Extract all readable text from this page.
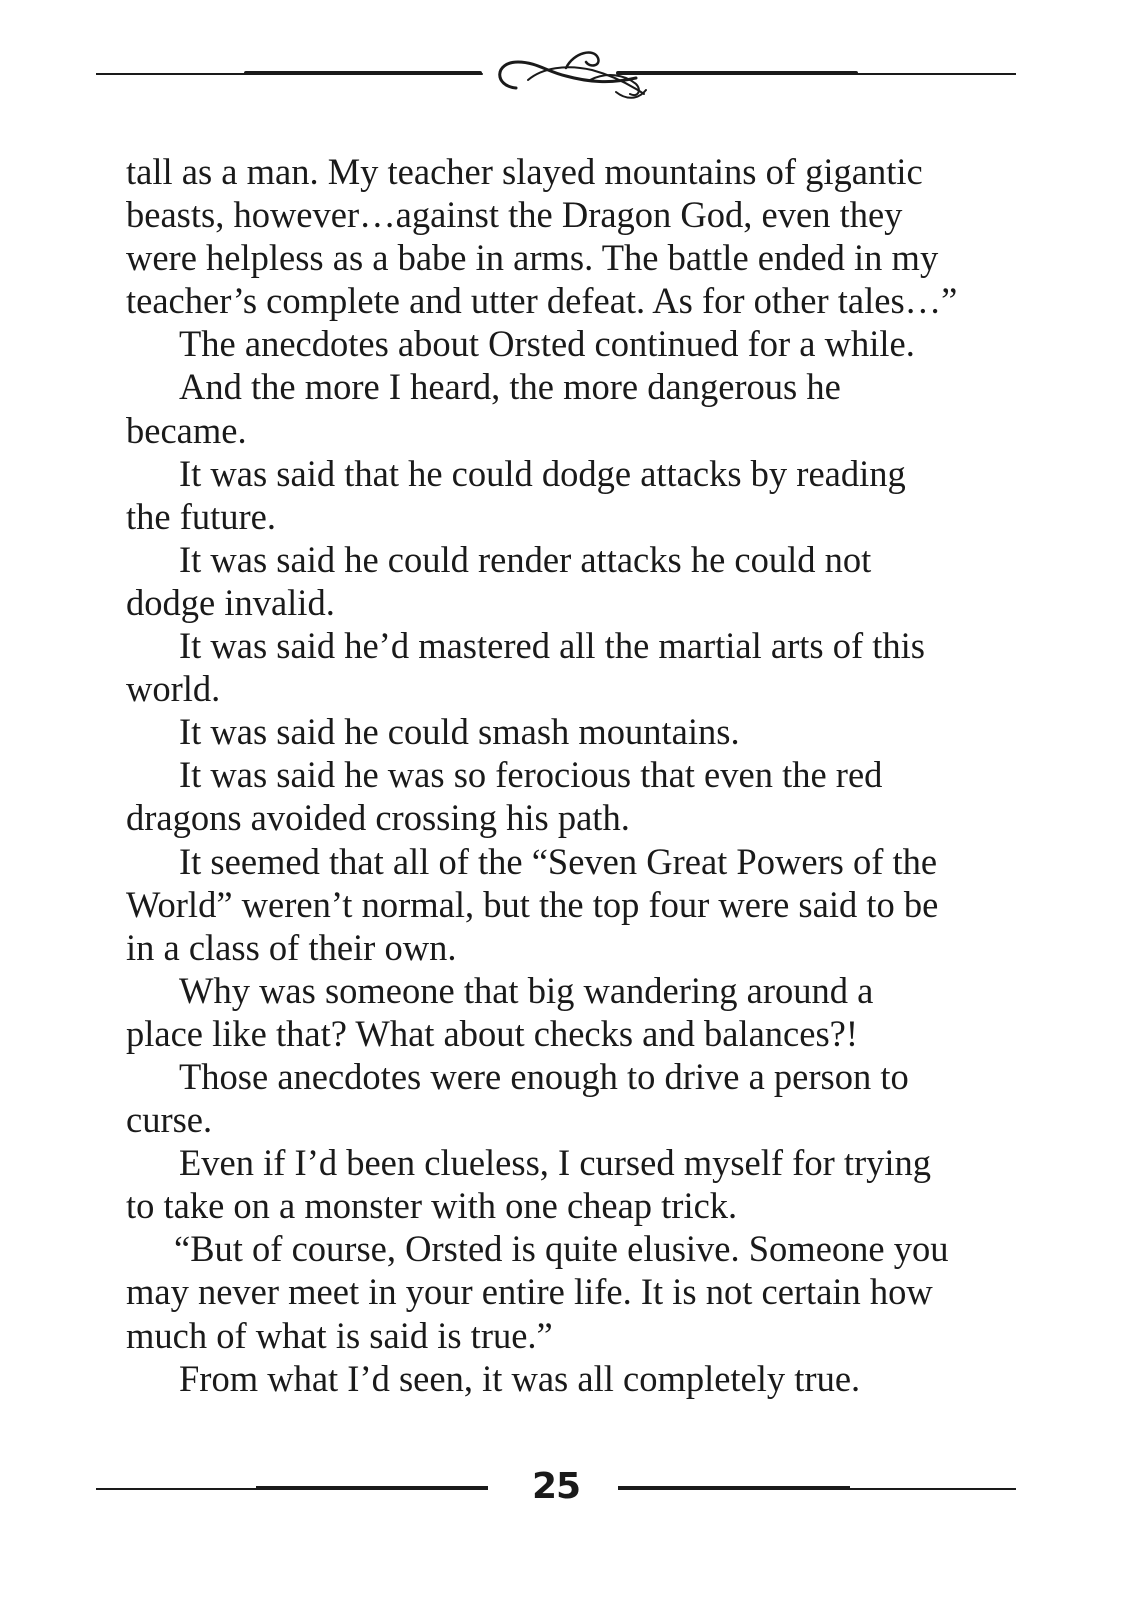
tall as a man. My teacher slayed mountains of gigantic

beasts, however…against the Dragon God, even they

were helpless as a babe in arms. The battle ended in my

teacher’s complete and utter defeat. As for other tales…”

The anecdotes about Orsted continued for a while.

And the more I heard, the more dangerous he

became.

It was said that he could dodge attacks by reading

the future.

It was said he could render attacks he could not

dodge invalid.

It was said he’d mastered all the martial arts of this

world.

It was said he could smash mountains.

It was said he was so ferocious that even the red

dragons avoided crossing his path.

It seemed that all of the “Seven Great Powers of the

World” weren’t normal, but the top four were said to be

in a class of their own.

Why was someone that big wandering around a

place like that? What about checks and balances?!

Those anecdotes were enough to drive a person to

curse.

Even if I’d been clueless, I cursed myself for trying

to take on a monster with one cheap trick.

“But of course, Orsted is quite elusive. Someone you

may never meet in your entire life. It is not certain how

much of what is said is true.”

From what I’d seen, it was all completely true.

25
